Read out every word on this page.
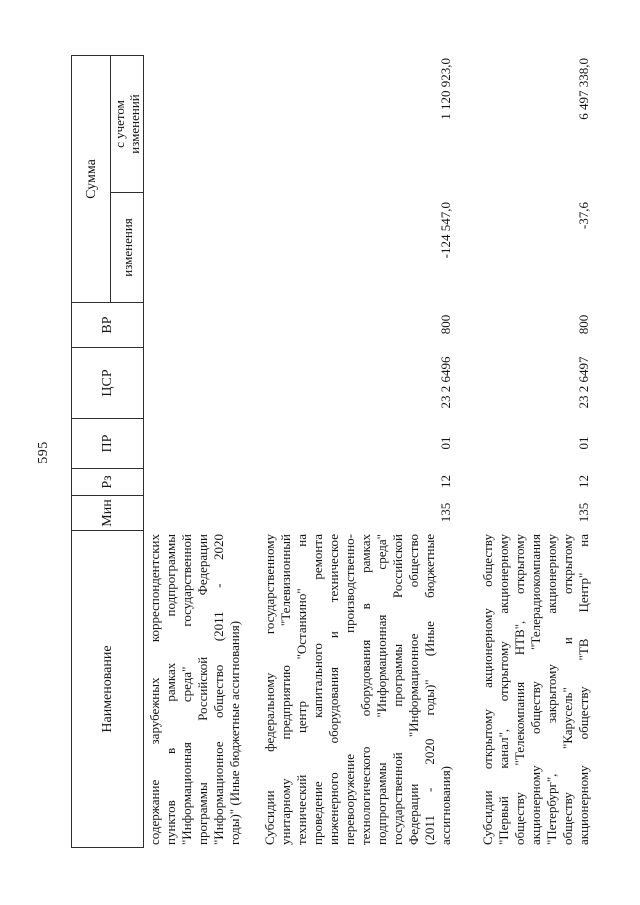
595
Наименование
Мин
Рз
ПР
ЦСР
ВР
Сумма
изменения
с учетом изменений
содержание зарубежных корреспондентских пунктов в рамках подпрограммы "Информационная среда" государственной программы Российской Федерации "Информационное общество (2011 - 2020 годы)" (Иные бюджетные ассигнования) Субсидии федеральному государственному унитарному предприятию "Телевизионный технический центр "Останкино" на проведение капитального ремонта инженерного оборудования и техническое перевооружение производственно- технологического оборудования в рамках подпрограммы "Информационная среда" государственной программы Российской Федерации "Информационное общество (2011 - 2020 годы)" (Иные бюджетные ассигнования)
135
12
01
23 2 6496
800
-124 547,0
1 120 923,0
Субсидии открытому акционерному обществу "Первый канал", открытому акционерному обществу "Телекомпания НТВ", открытому акционерному обществу "Телерадиокомпания "Петербург", закрытому акционерному обществу "Карусель" и открытому акционерному обществу "ТВ Центр" на
135
12
01
23 2 6497
800
-37,6
6 497 338,0
